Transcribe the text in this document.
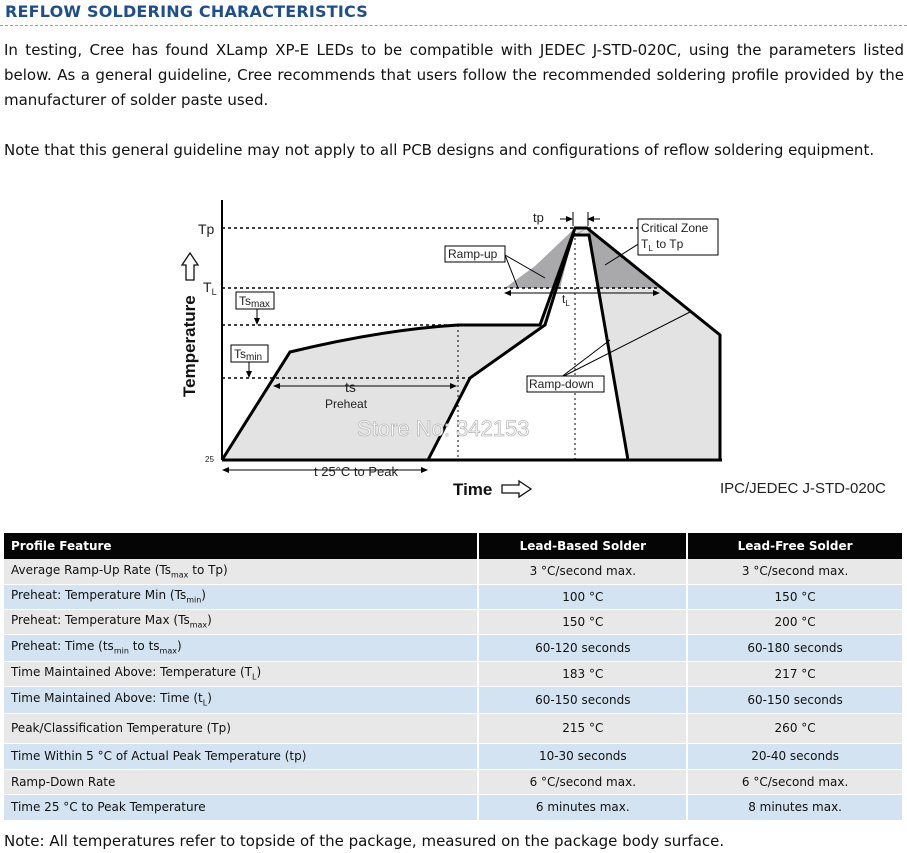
REFLOW SOLDERING CHARACTERISTICS

In testing, Cree has found XLamp XP-E LEDs to be compatible with JEDEC J-STD-020C, using the parameters listed below. As a general guideline, Cree recommends that users follow the recommended soldering profile provided by the manufacturer of solder paste used.

Note that this general guideline may not apply to all PCB designs and configurations of reflow soldering equipment.

Tp
$T_L$
Tsmax
Tsmin
25
ts
Preheat
$t_L$
tp
Ramp-up
Ramp-down
Critical Zone
$T_L$ to Tp
t 25°C to Peak
Store No: 342153
Temperature
Time	IPC/JEDEC J-STD-020C
Profile Feature	Lead-Based Solder	Lead-Free Solder
Average Ramp-Up Rate ($Ts_{max}$ to Tp)	3 °C/second max.	3 °C/second max.
Preheat: Temperature Min $(Ts_{min})$	100 °C	150 °C
Preheat: Temperature Max $(Ts_{max})$	150 °C	200 °C
Preheat: Time ($ts_{min}$ to $ts_{max}$)	60-120 seconds	60-180 seconds
Time Maintained Above: Temperature $(T_L)$	183 °C	217 °C
Time Maintained Above: Time $(t_L)$	60-150 seconds	60-150 seconds
Peak/Classification Temperature (Tp)	215 °C	260 °C
Time Within 5 °C of Actual Peak Temperature (tp)	10-30 seconds	20-40 seconds
Ramp-Down Rate	6 °C/second max.	6 °C/second max.
Time 25 °C to Peak Temperature	6 minutes max.	8 minutes max.

Note: All temperatures refer to topside of the package, measured on the package body surface.
